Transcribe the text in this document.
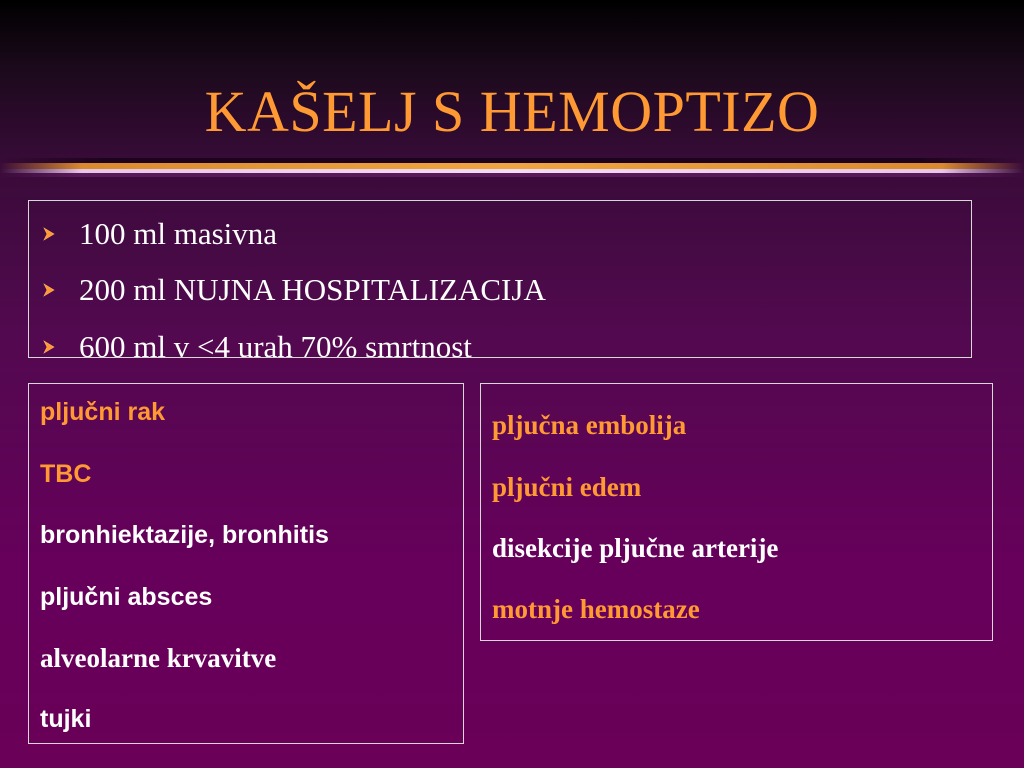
KAŠELJ S HEMOPTIZO
100 ml masivna
200 ml NUJNA HOSPITALIZACIJA
600 ml v <4 urah 70% smrtnost
pljučni rak
TBC
bronhiektazije, bronhitis
pljučni absces
alveolarne krvavitve
tujki
pljučna embolija
pljučni edem
disekcije pljučne arterije
motnje hemostaze
